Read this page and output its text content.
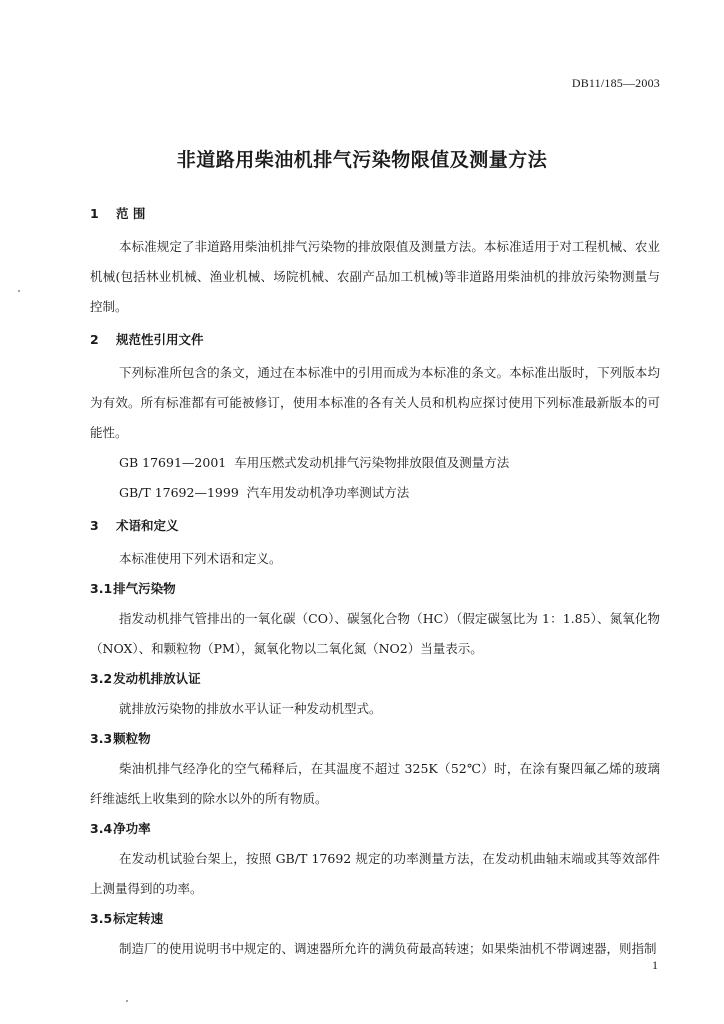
DB11/185—2003
非道路用柴油机排气污染物限值及测量方法
1 范 围

本标准规定了非道路用柴油机排气污染物的排放限值及测量方法。本标准适用于对工程机械、农业机械(包括林业机械、渔业机械、场院机械、农副产品加工机械)等非道路用柴油机的排放污染物测量与控制。

2 规范性引用文件

下列标准所包含的条文，通过在本标准中的引用而成为本标准的条文。本标准出版时，下列版本均为有效。所有标准都有可能被修订，使用本标准的各有关人员和机构应探讨使用下列标准最新版本的可能性。

GB 17691—2001 车用压燃式发动机排气污染物排放限值及测量方法
GB/T 17692—1999 汽车用发动机净功率测试方法
3 术语和定义

本标准使用下列术语和定义。

3.1排气污染物

指发动机排气管排出的一氧化碳（CO）、碳氢化合物（HC）（假定碳氢比为 1：1.85）、氮氧化物（NOX）、和颗粒物（PM），氮氧化物以二氧化氮（NO2）当量表示。

3.2发动机排放认证

就排放污染物的排放水平认证一种发动机型式。

3.3颗粒物

柴油机排气经净化的空气稀释后，在其温度不超过 325K（52℃）时，在涂有聚四氟乙烯的玻璃纤维滤纸上收集到的除水以外的所有物质。

3.4净功率

在发动机试验台架上，按照 GB/T 17692 规定的功率测量方法，在发动机曲轴末端或其等效部件上测量得到的功率。

3.5标定转速

制造厂的使用说明书中规定的、调速器所允许的满负荷最高转速；如果柴油机不带调速器，则指制

1
